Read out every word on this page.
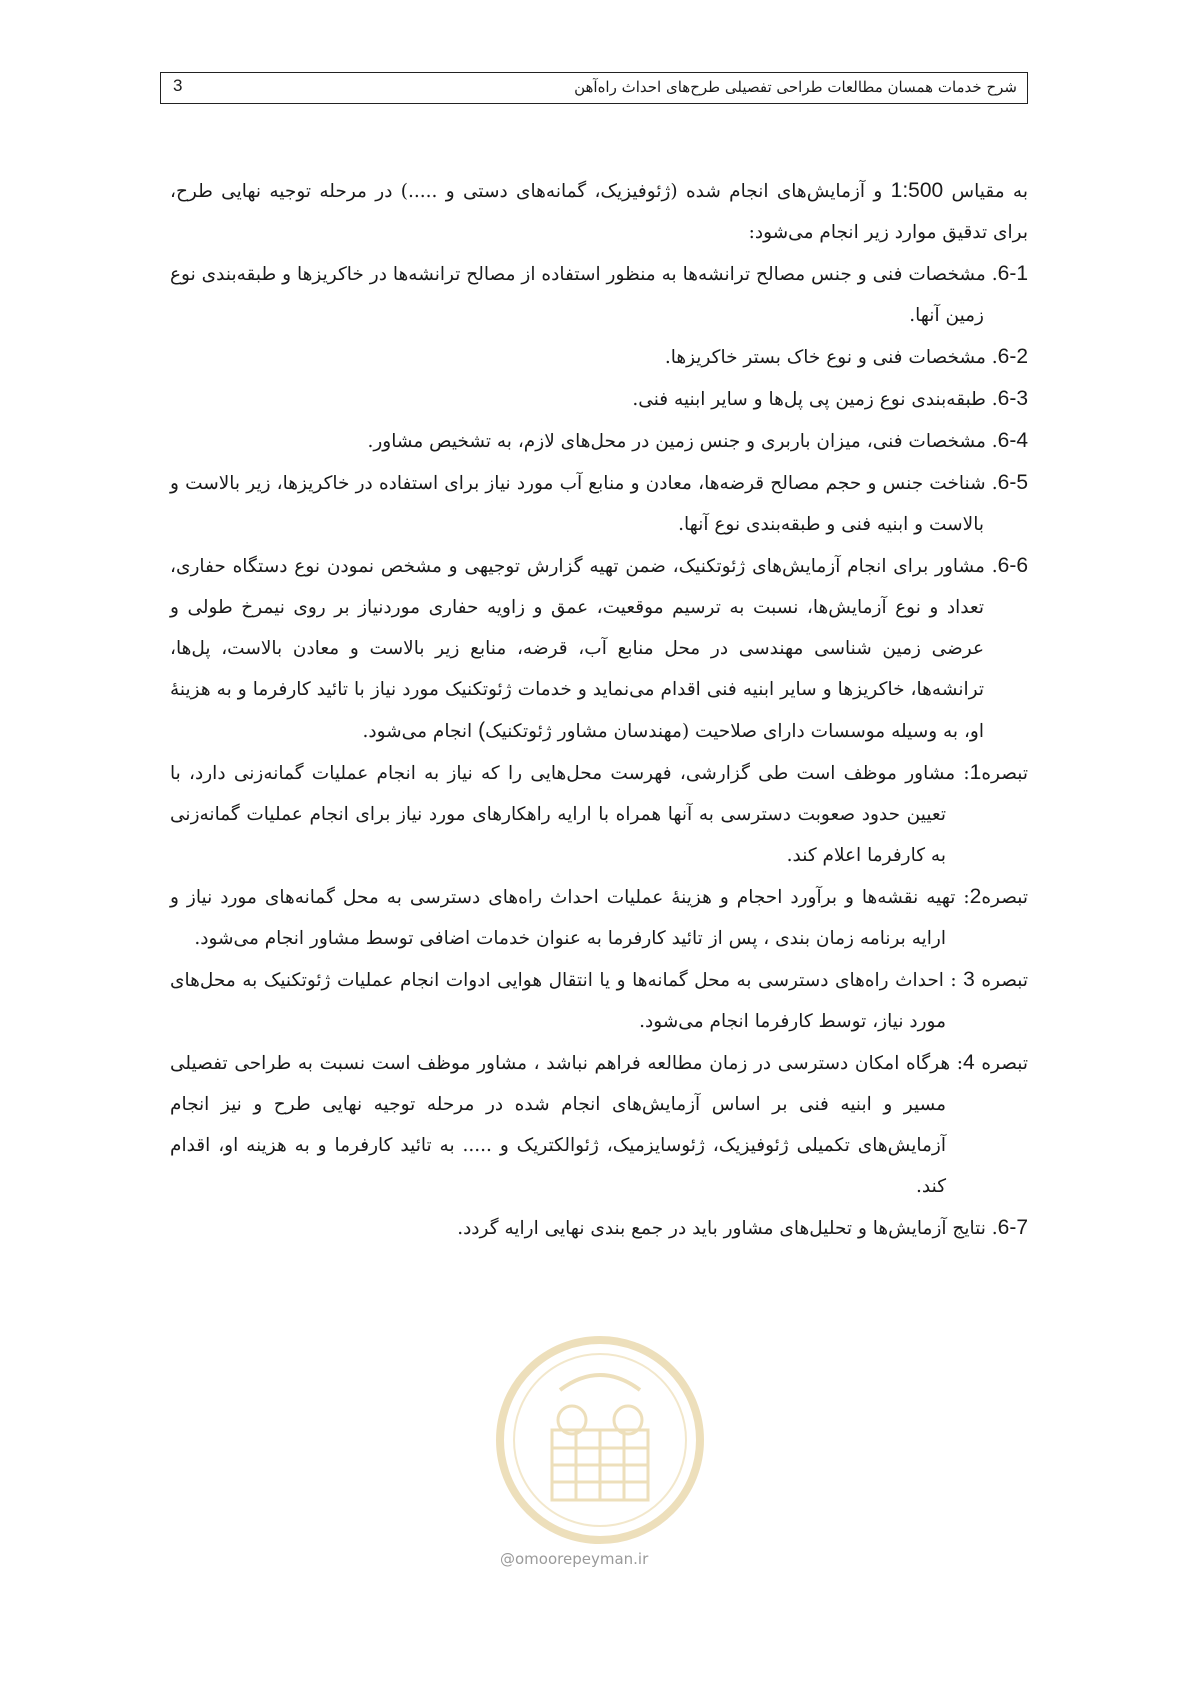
شرح خدمات همسان مطالعات طراحی تفصیلی طرح‌های احداث راه‌آهن
3

به مقیاس 1:500 و آزمایش‌های انجام شده (ژئوفیزیک، گمانه‌های دستی و .....) در مرحله توجیه نهایی طرح، برای تدقیق موارد زیر انجام می‌شود:

6-1. مشخصات فنی و جنس مصالح ترانشه‌ها به منظور استفاده از مصالح ترانشه‌ها در خاکریزها و طبقه‌بندی نوع زمین آنها.

6-2. مشخصات فنی و نوع خاک بستر خاکریزها.

6-3. طبقه‌بندی نوع زمین پی پل‌ها و سایر ابنیه فنی.

6-4. مشخصات فنی، میزان باربری و جنس زمین در محل‌های لازم، به تشخیص مشاور.

6-5. شناخت جنس و حجم مصالح قرضه‌ها، معادن و منابع آب مورد نیاز برای استفاده در خاکریزها، زیر بالاست و بالاست و ابنیه فنی و طبقه‌بندی نوع آنها.

6-6. مشاور برای انجام آزمایش‌های ژئوتکنیک، ضمن تهیه گزارش توجیهی و مشخص نمودن نوع دستگاه حفاری، تعداد و نوع آزمایش‌ها، نسبت به ترسیم موقعیت، عمق و زاویه حفاری موردنیاز بر روی نیمرخ طولی و عرضی زمین شناسی مهندسی در محل منابع آب، قرضه، منابع زیر بالاست و معادن بالاست، پل‌ها، ترانشه‌ها، خاکریزها و سایر ابنیه فنی اقدام می‌نماید و خدمات ژئوتکنیک مورد نیاز با تائید کارفرما و به هزینهٔ او، به وسیله موسسات دارای صلاحیت (مهندسان مشاور ژئوتکنیک) انجام می‌شود.

تبصره1: مشاور موظف است طی گزارشی، فهرست محل‌هایی را که نیاز به انجام عملیات گمانه‌زنی دارد، با تعیین حدود صعوبت دسترسی به آنها همراه با ارایه راهکارهای مورد نیاز برای انجام عملیات گمانه‌زنی به کارفرما اعلام کند.

تبصره2: تهیه نقشه‌ها و برآورد احجام و هزینهٔ عملیات احداث راه‌های دسترسی به محل گمانه‌های مورد نیاز و ارایه برنامه زمان بندی ، پس از تائید کارفرما به عنوان خدمات اضافی توسط مشاور انجام می‌شود.

تبصره 3 : احداث راه‌های دسترسی به محل گمانه‌ها و یا انتقال هوایی ادوات انجام عملیات ژئوتکنیک به محل‌های مورد نیاز، توسط کارفرما انجام می‌شود.

تبصره 4: هرگاه امکان دسترسی در زمان مطالعه فراهم نباشد ، مشاور موظف است نسبت به طراحی تفصیلی مسیر و ابنیه فنی بر اساس آزمایش‌های انجام شده در مرحله توجیه نهایی طرح و نیز انجام آزمایش‌های تکمیلی ژئوفیزیک، ژئوسایزمیک، ژئوالکتریک و ..... به تائید کارفرما و به هزینه او، اقدام کند.

6-7. نتایج آزمایش‌ها و تحلیل‌های مشاور باید در جمع بندی نهایی ارایه گردد.

@omoorepeyman.ir
